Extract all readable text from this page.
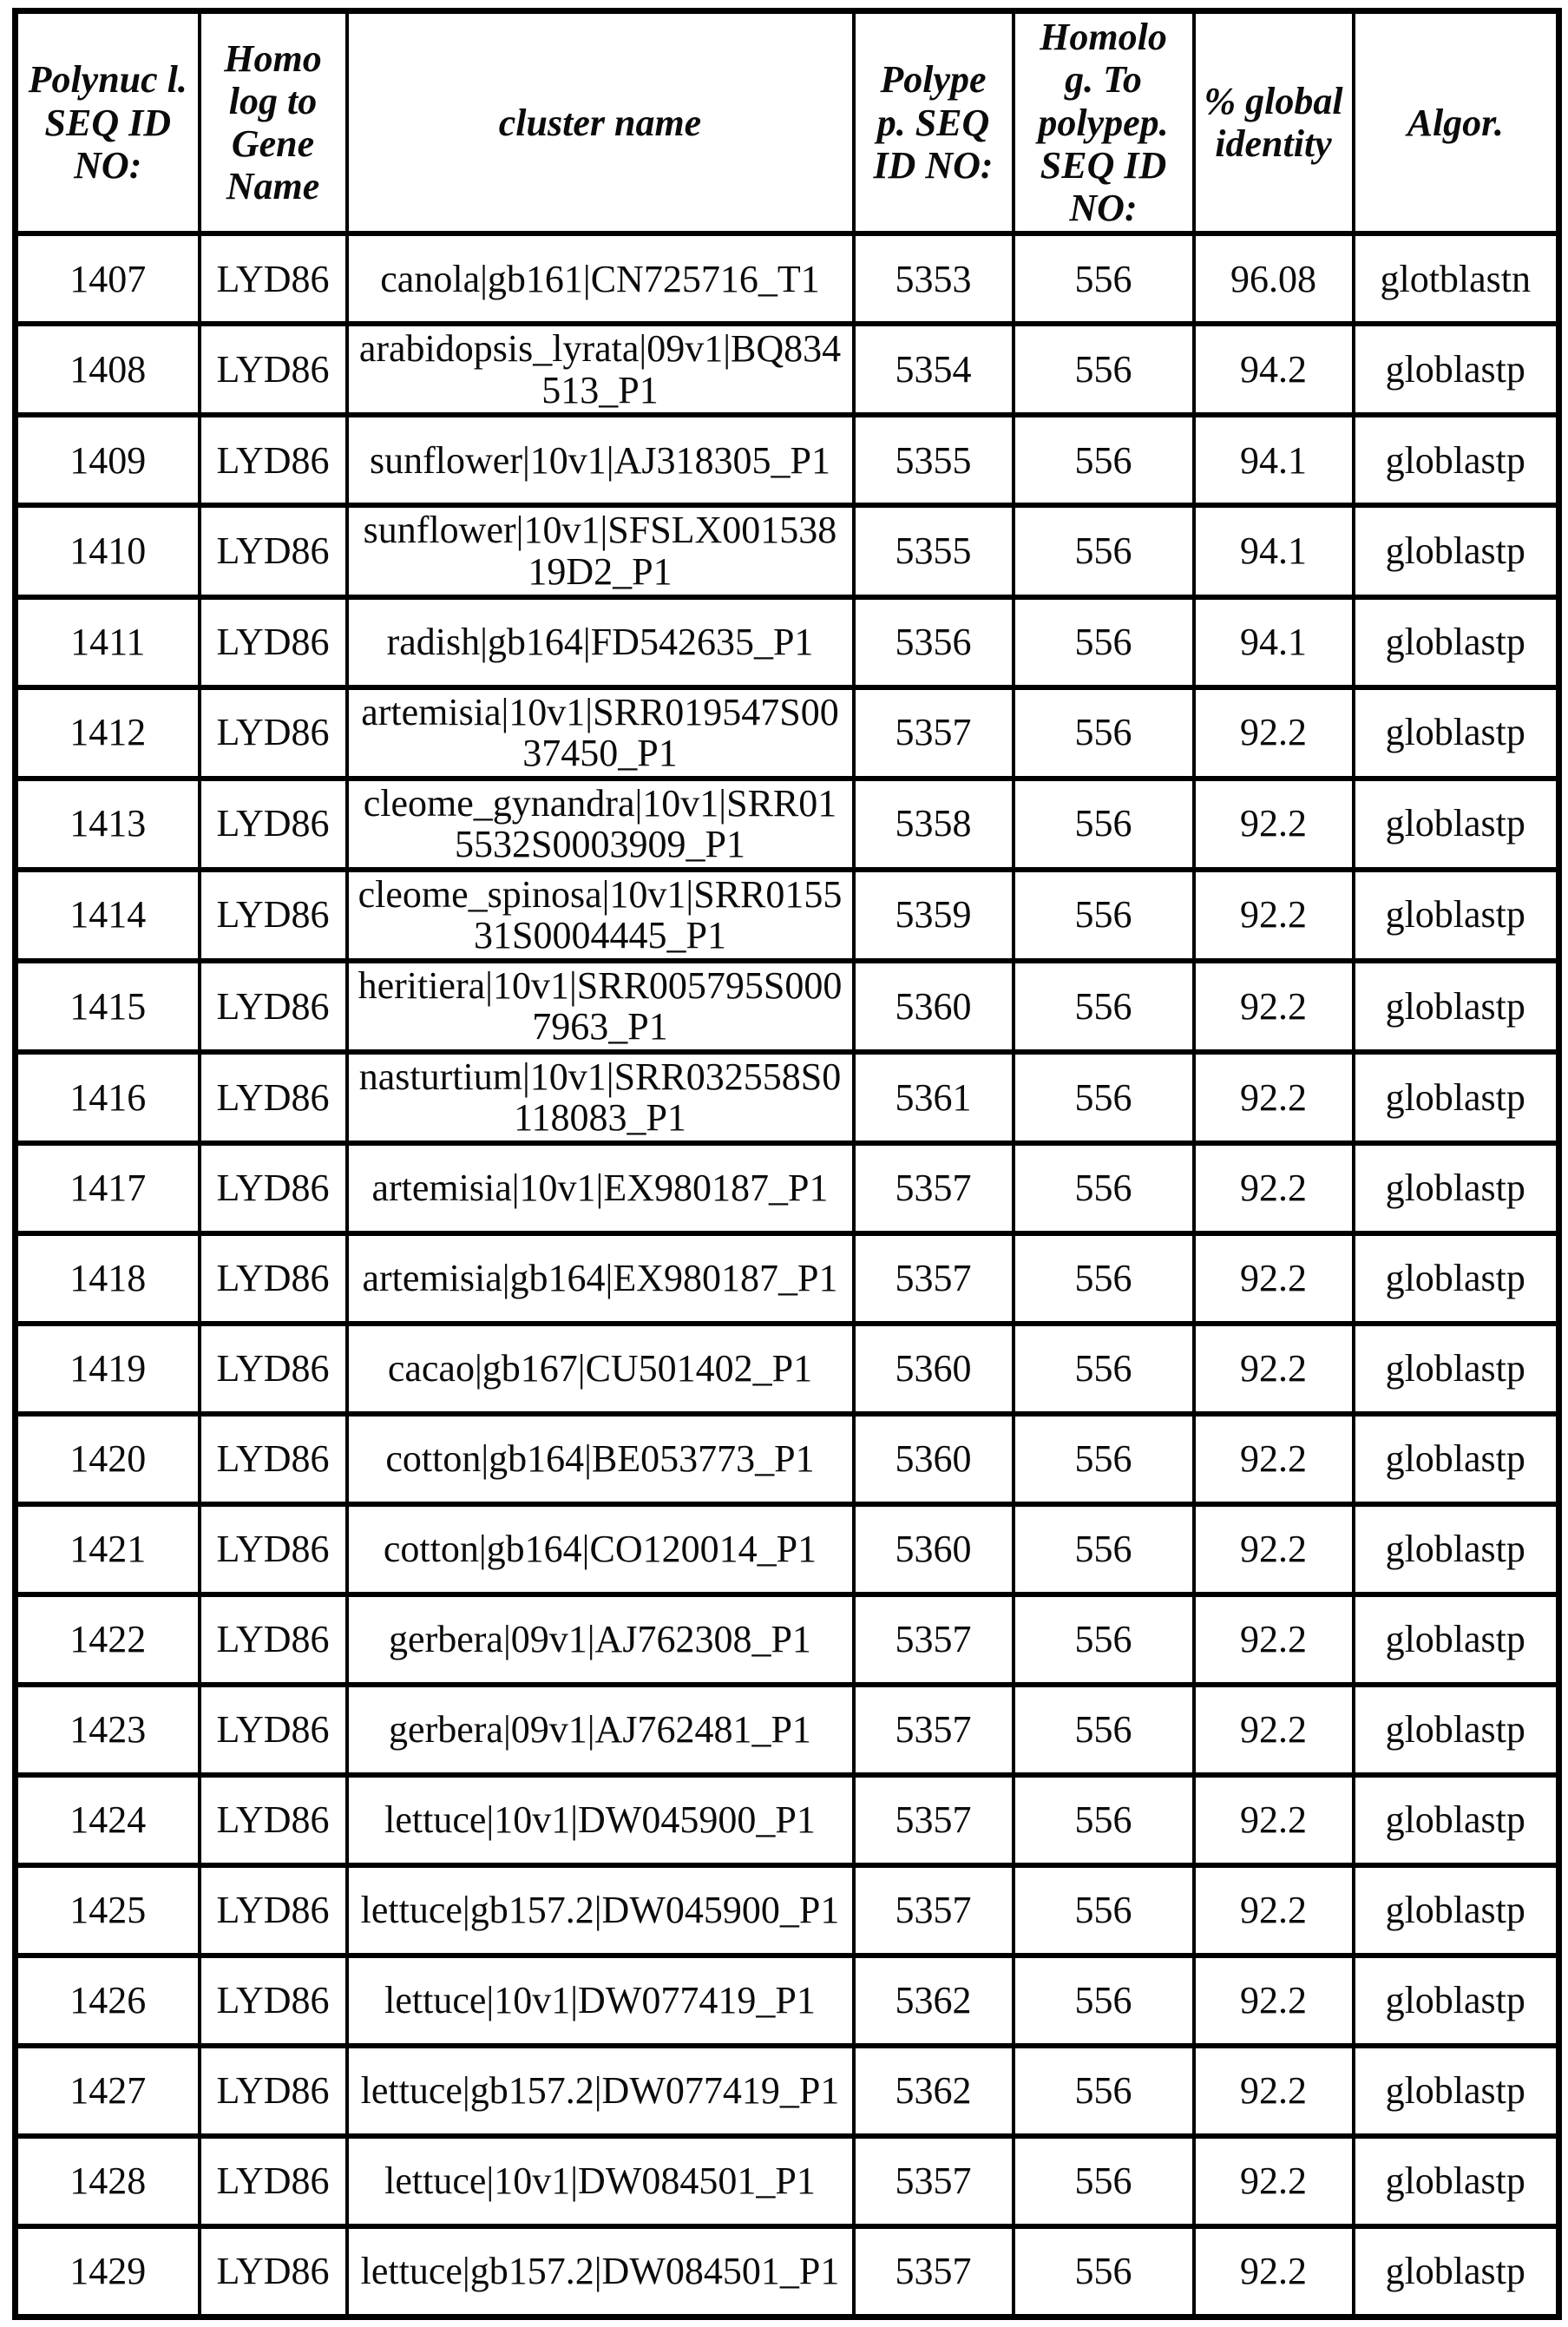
Polynuc l. SEQ ID NO:	Homo log to Gene Name	cluster name	Polype p. SEQ ID NO:	Homolo g. To polypep. SEQ ID NO:	% global identity	Algor.
1407	LYD86	canola|gb161|CN725716_T1	5353	556	96.08	glotblastn
1408	LYD86	arabidopsis_lyrata|09v1|BQ834513_P1	5354	556	94.2	globlastp
1409	LYD86	sunflower|10v1|AJ318305_P1	5355	556	94.1	globlastp
1410	LYD86	sunflower|10v1|SFSLX00153819D2_P1	5355	556	94.1	globlastp
1411	LYD86	radish|gb164|FD542635_P1	5356	556	94.1	globlastp
1412	LYD86	artemisia|10v1|SRR019547S0037450_P1	5357	556	92.2	globlastp
1413	LYD86	cleome_gynandra|10v1|SRR015532S0003909_P1	5358	556	92.2	globlastp
1414	LYD86	cleome_spinosa|10v1|SRR015531S0004445_P1	5359	556	92.2	globlastp
1415	LYD86	heritiera|10v1|SRR005795S0007963_P1	5360	556	92.2	globlastp
1416	LYD86	nasturtium|10v1|SRR032558S0118083_P1	5361	556	92.2	globlastp
1417	LYD86	artemisia|10v1|EX980187_P1	5357	556	92.2	globlastp
1418	LYD86	artemisia|gb164|EX980187_P1	5357	556	92.2	globlastp
1419	LYD86	cacao|gb167|CU501402_P1	5360	556	92.2	globlastp
1420	LYD86	cotton|gb164|BE053773_P1	5360	556	92.2	globlastp
1421	LYD86	cotton|gb164|CO120014_P1	5360	556	92.2	globlastp
1422	LYD86	gerbera|09v1|AJ762308_P1	5357	556	92.2	globlastp
1423	LYD86	gerbera|09v1|AJ762481_P1	5357	556	92.2	globlastp
1424	LYD86	lettuce|10v1|DW045900_P1	5357	556	92.2	globlastp
1425	LYD86	lettuce|gb157.2|DW045900_P1	5357	556	92.2	globlastp
1426	LYD86	lettuce|10v1|DW077419_P1	5362	556	92.2	globlastp
1427	LYD86	lettuce|gb157.2|DW077419_P1	5362	556	92.2	globlastp
1428	LYD86	lettuce|10v1|DW084501_P1	5357	556	92.2	globlastp
1429	LYD86	lettuce|gb157.2|DW084501_P1	5357	556	92.2	globlastp
